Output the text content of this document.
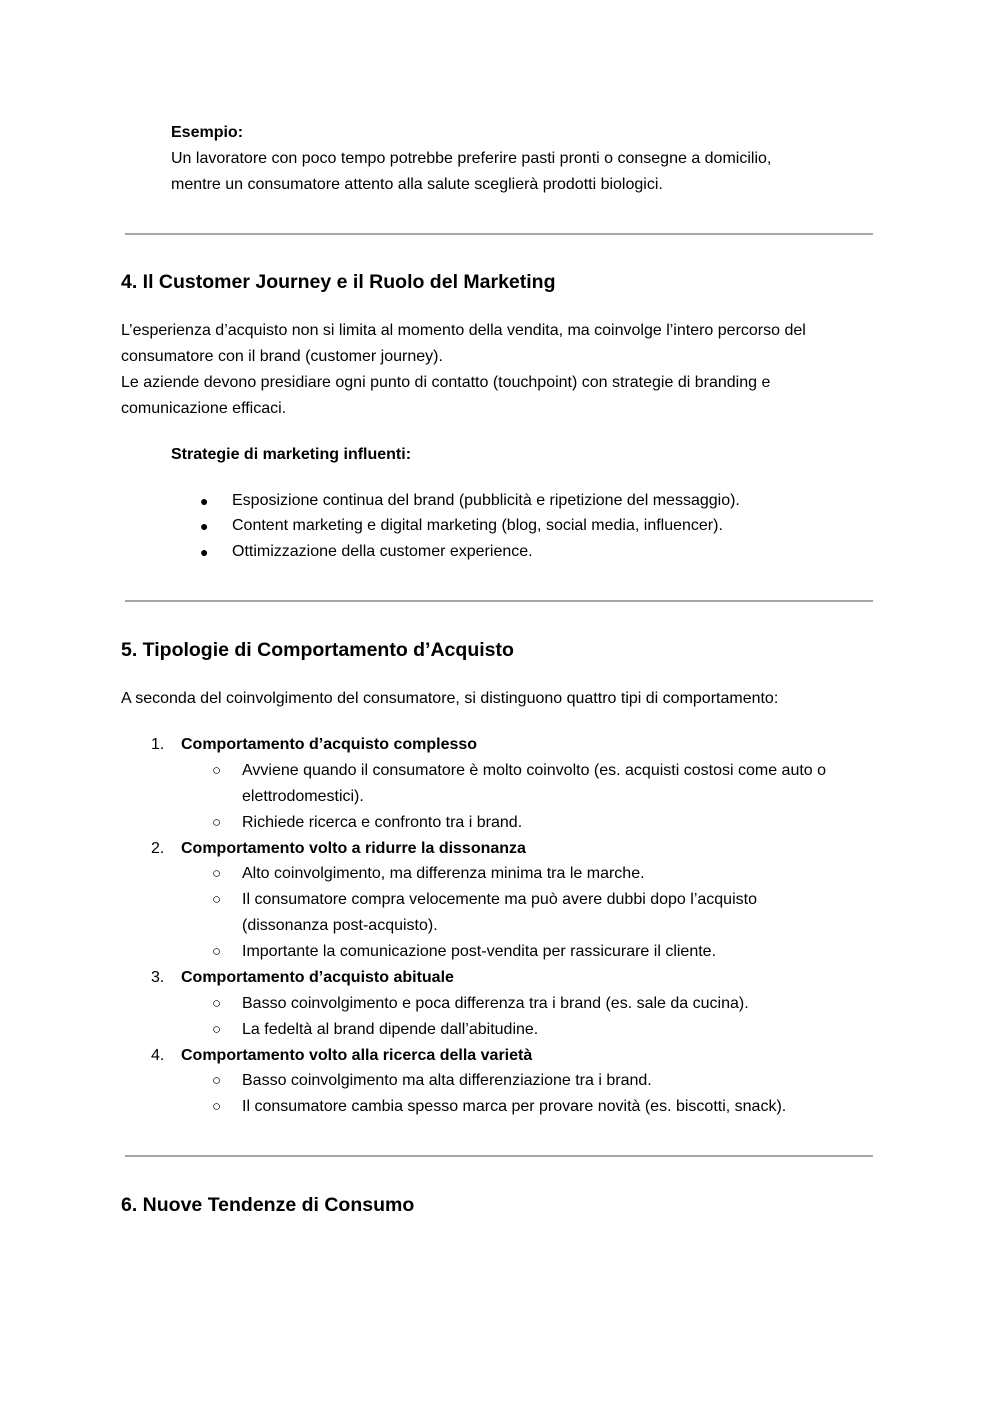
Esempio:
Un lavoratore con poco tempo potrebbe preferire pasti pronti o consegne a domicilio,
mentre un consumatore attento alla salute sceglierà prodotti biologici.
4. Il Customer Journey e il Ruolo del Marketing
L’esperienza d’acquisto non si limita al momento della vendita, ma coinvolge l’intero percorso del
consumatore con il brand (customer journey).
Le aziende devono presidiare ogni punto di contatto (touchpoint) con strategie di branding e
comunicazione efficaci.
Strategie di marketing influenti:
● Esposizione continua del brand (pubblicità e ripetizione del messaggio).
● Content marketing e digital marketing (blog, social media, influencer).
● Ottimizzazione della customer experience.
5. Tipologie di Comportamento d’Acquisto
A seconda del coinvolgimento del consumatore, si distinguono quattro tipi di comportamento:
1. Comportamento d’acquisto complesso
○ Avviene quando il consumatore è molto coinvolto (es. acquisti costosi come auto o
elettrodomestici).
○ Richiede ricerca e confronto tra i brand.
2. Comportamento volto a ridurre la dissonanza
○ Alto coinvolgimento, ma differenza minima tra le marche.
○ Il consumatore compra velocemente ma può avere dubbi dopo l’acquisto
(dissonanza post-acquisto).
○ Importante la comunicazione post-vendita per rassicurare il cliente.
3. Comportamento d’acquisto abituale
○ Basso coinvolgimento e poca differenza tra i brand (es. sale da cucina).
○ La fedeltà al brand dipende dall’abitudine.
4. Comportamento volto alla ricerca della varietà
○ Basso coinvolgimento ma alta differenziazione tra i brand.
○ Il consumatore cambia spesso marca per provare novità (es. biscotti, snack).
6. Nuove Tendenze di Consumo
